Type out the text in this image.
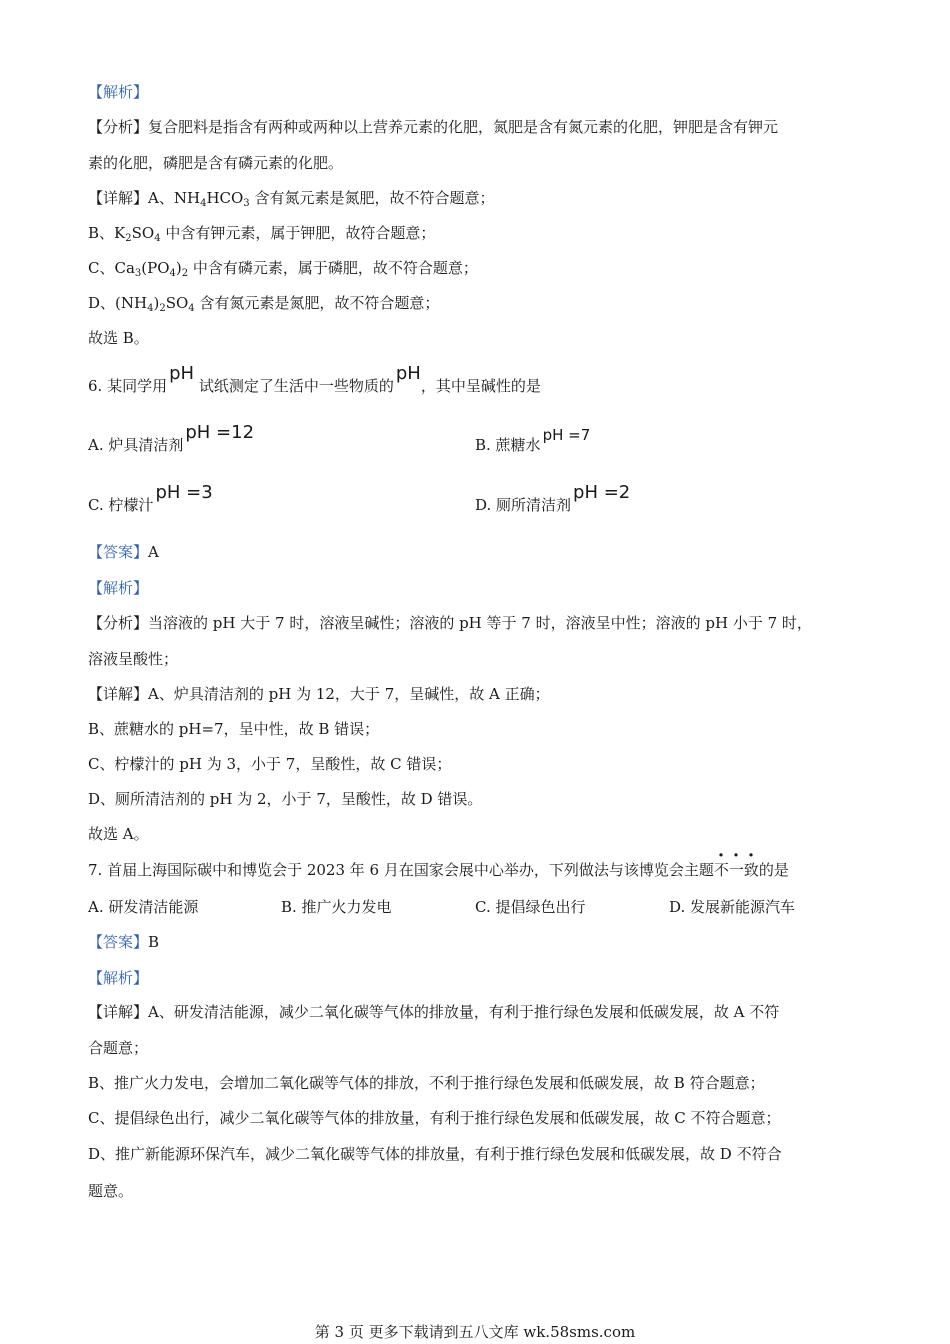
【解析】
【分析】复合肥料是指含有两种或两种以上营养元素的化肥，氮肥是含有氮元素的化肥，钾肥是含有钾元
素的化肥，磷肥是含有磷元素的化肥。
【详解】A、$NH_4HCO_3$ 含有氮元素是氮肥，故不符合题意；
B、$K_2SO_4$ 中含有钾元素，属于钾肥，故符合题意；
C、$Ca_3(PO_4)_2$ 中含有磷元素，属于磷肥，故不符合题意；
D、$(NH_4)_2SO_4$ 含有氮元素是氮肥，故不符合题意；
故选 B。
6. 某同学用pH 试纸测定了生活中一些物质的pH，其中呈碱性的是
A. 炉具清洁剂pH =12
B. 蔗糖水pH =7
C. 柠檬汁pH =3
D. 厕所清洁剂pH =2
【答案】A
【解析】
【分析】当溶液的 pH 大于 7 时，溶液呈碱性；溶液的 pH 等于 7 时，溶液呈中性；溶液的 pH 小于 7 时，
溶液呈酸性；
【详解】A、炉具清洁剂的 pH 为 12，大于 7，呈碱性，故 A 正确；
B、蔗糖水的 pH=7，呈中性，故 B 错误；
C、柠檬汁的 pH 为 3，小于 7，呈酸性，故 C 错误；
D、厕所清洁剂的 pH 为 2，小于 7，呈酸性，故 D 错误。
故选 A。
7. 首届上海国际碳中和博览会于 2023 年 6 月在国家会展中心举办，下列做法与该博览会主题不一致的是
A. 研发清洁能源	B. 推广火力发电	C. 提倡绿色出行	D. 发展新能源汽车
【答案】B
【解析】
【详解】A、研发清洁能源，减少二氧化碳等气体的排放量，有利于推行绿色发展和低碳发展，故 A 不符
合题意；
B、推广火力发电，会增加二氧化碳等气体的排放，不利于推行绿色发展和低碳发展，故 B 符合题意；
C、提倡绿色出行，减少二氧化碳等气体的排放量，有利于推行绿色发展和低碳发展，故 C 不符合题意；
D、推广新能源环保汽车，减少二氧化碳等气体的排放量，有利于推行绿色发展和低碳发展，故 D 不符合
题意。
第 3 页 更多下载请到五八文库 wk.58sms.com
